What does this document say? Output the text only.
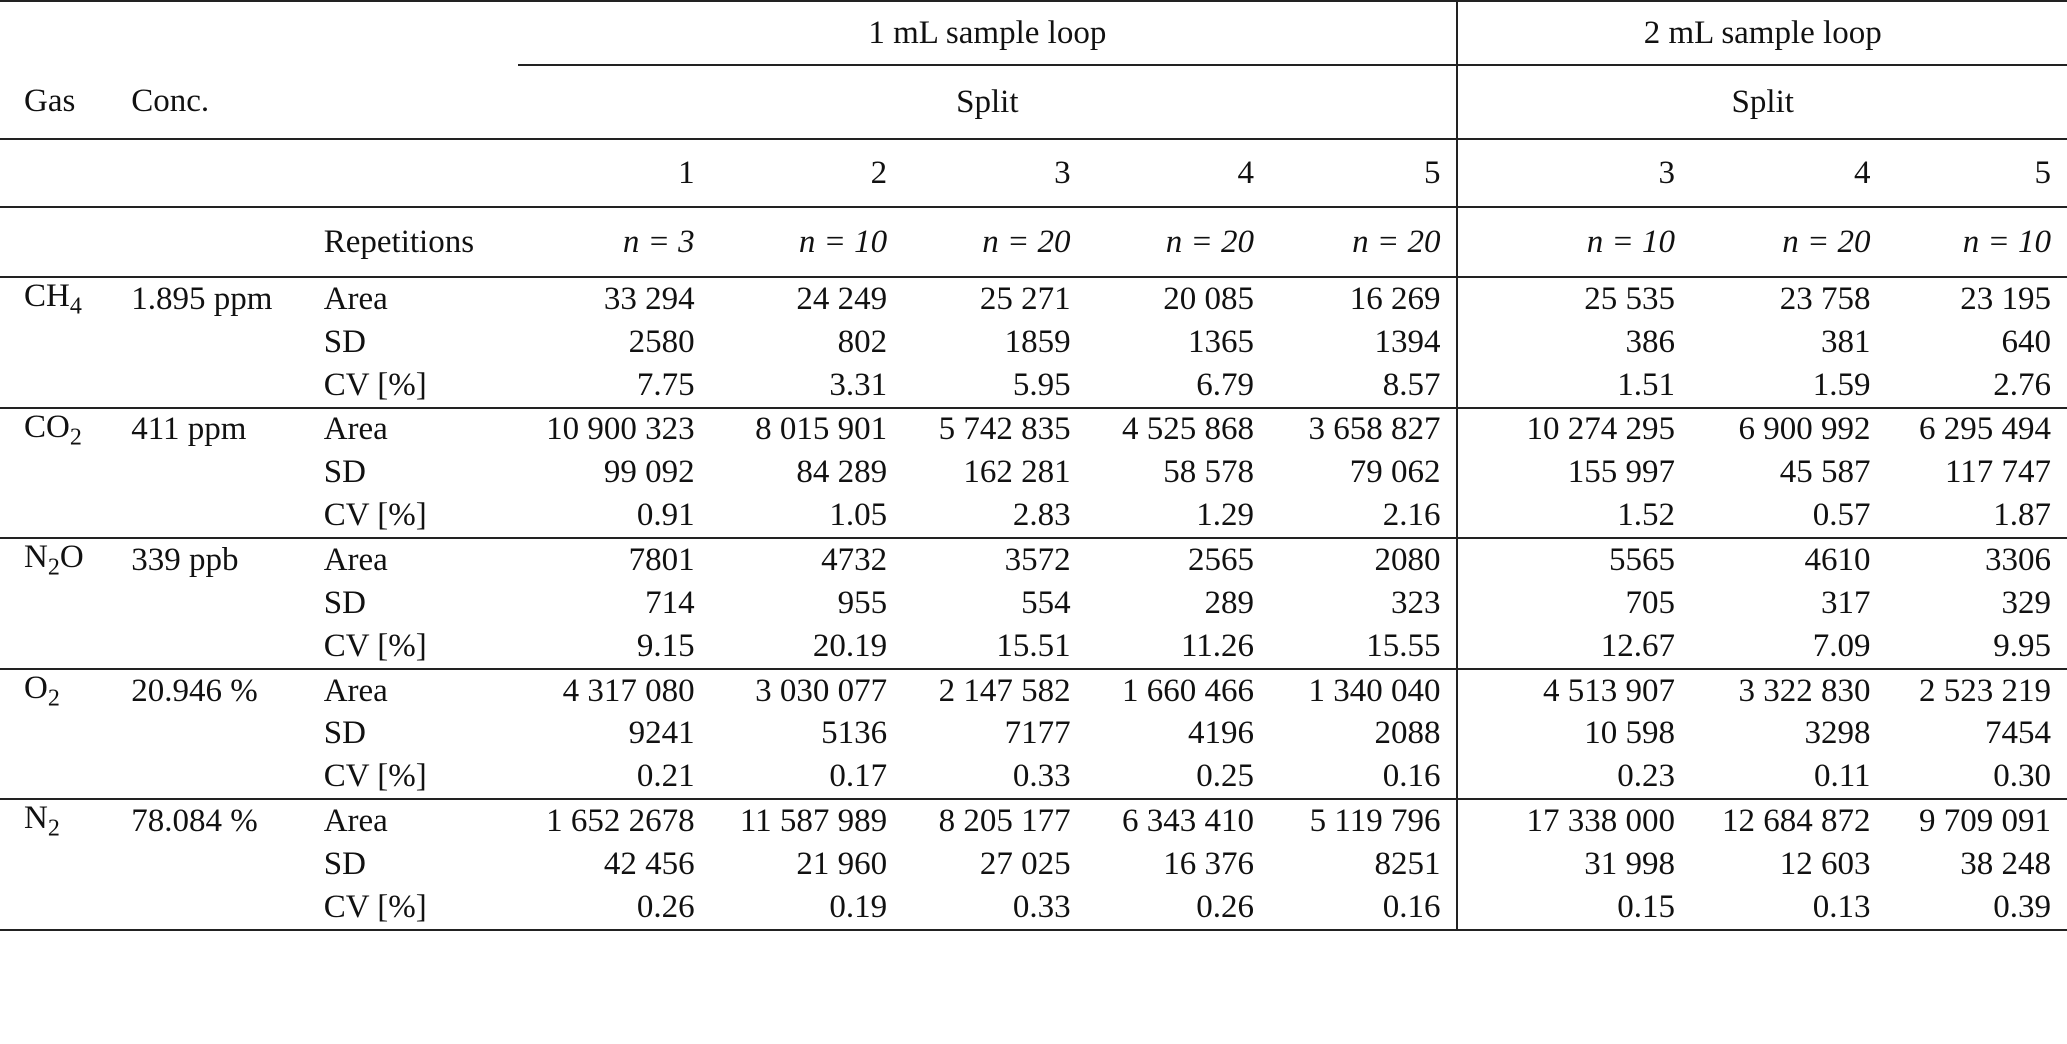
			1 mL sample loop					2 mL sample loop		
Gas	Conc.		Split					Split		
			1	2	3	4	5	3	4	5
		Repetitions	n = 3	n = 10	n = 20	n = 20	n = 20	n = 10	n = 20	n = 10
$CH_4$	1.895 ppm	Area	33 294	24 249	25 271	20 085	16 269	25 535	23 758	23 195
		SD	2580	802	1859	1365	1394	386	381	640
		CV [%]	7.75	3.31	5.95	6.79	8.57	1.51	1.59	2.76
$CO_2$	411 ppm	Area	10 900 323	8 015 901	5 742 835	4 525 868	3 658 827	10 274 295	6 900 992	6 295 494
		SD	99 092	84 289	162 281	58 578	79 062	155 997	45 587	117 747
		CV [%]	0.91	1.05	2.83	1.29	2.16	1.52	0.57	1.87
$N_2O$	339 ppb	Area	7801	4732	3572	2565	2080	5565	4610	3306
		SD	714	955	554	289	323	705	317	329
		CV [%]	9.15	20.19	15.51	11.26	15.55	12.67	7.09	9.95
$O_2$	20.946 %	Area	4 317 080	3 030 077	2 147 582	1 660 466	1 340 040	4 513 907	3 322 830	2 523 219
		SD	9241	5136	7177	4196	2088	10 598	3298	7454
		CV [%]	0.21	0.17	0.33	0.25	0.16	0.23	0.11	0.30
$N_2$	78.084 %	Area	1 652 2678	11 587 989	8 205 177	6 343 410	5 119 796	17 338 000	12 684 872	9 709 091
		SD	42 456	21 960	27 025	16 376	8251	31 998	12 603	38 248
		CV [%]	0.26	0.19	0.33	0.26	0.16	0.15	0.13	0.39
